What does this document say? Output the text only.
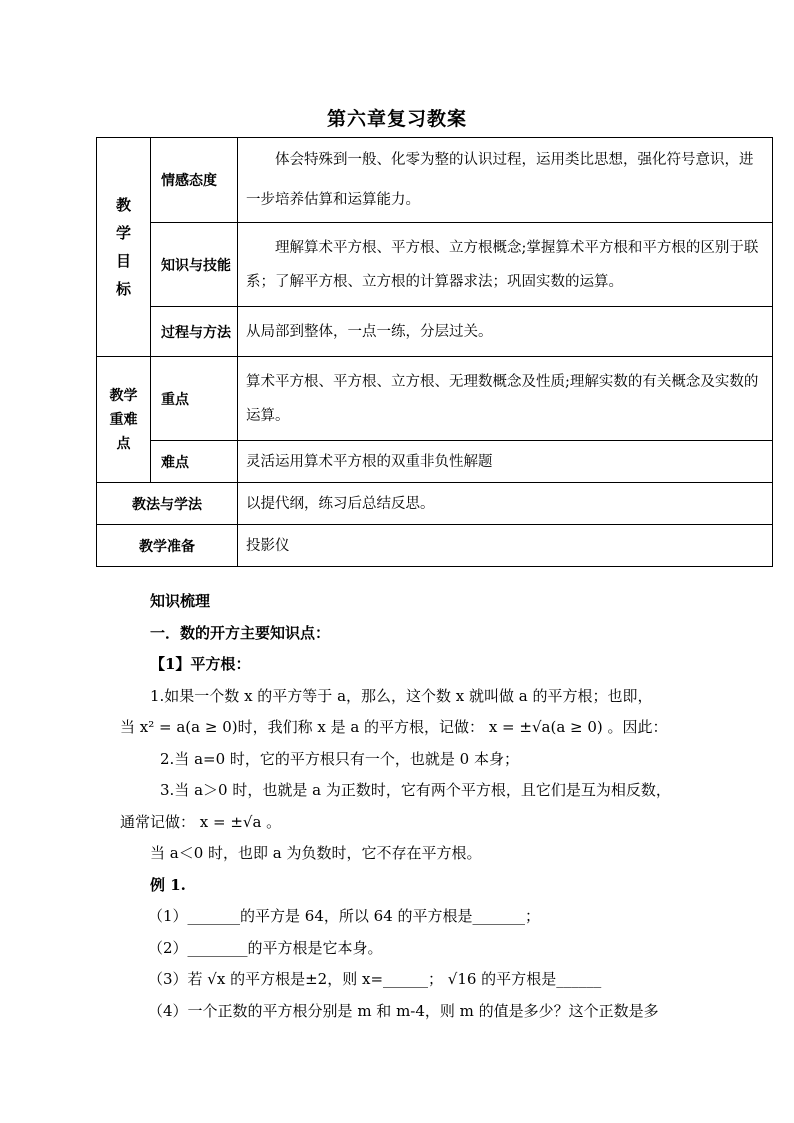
第六章复习教案
教学目标	情感态度	体会特殊到一般、化零为整的认识过程，运用类比思想，强化符号意识，进一步培养估算和运算能力。
	知识与技能	理解算术平方根、平方根、立方根概念;掌握算术平方根和平方根的区别于联系；了解平方根、立方根的计算器求法；巩固实数的运算。
	过程与方法	从局部到整体，一点一练，分层过关。
教学重难点	重点	算术平方根、平方根、立方根、无理数概念及性质;理解实数的有关概念及实数的运算。
	难点	灵活运用算术平方根的双重非负性解题
教法与学法		以提代纲，练习后总结反思。
教学准备		投影仪

知识梳理

一．数的开方主要知识点：

【1】平方根：

1.如果一个数 x 的平方等于 a，那么，这个数 x 就叫做 a 的平方根；也即，

当 x² = a(a ≥ 0)时，我们称 x 是 a 的平方根，记做： x = ±√a(a ≥ 0) 。因此：

2.当 a=0 时，它的平方根只有一个，也就是 0 本身；

3.当 a＞0 时，也就是 a 为正数时，它有两个平方根，且它们是互为相反数，

通常记做： x = ±√a 。

当 a＜0 时，也即 a 为负数时，它不存在平方根。

例 1.

（1）_______的平方是 64，所以 64 的平方根是_______；

（2）________的平方根是它本身。

（3）若 √x 的平方根是±2，则 x=______； √16 的平方根是______

（4）一个正数的平方根分别是 m 和 m-4，则 m 的值是多少？这个正数是多
